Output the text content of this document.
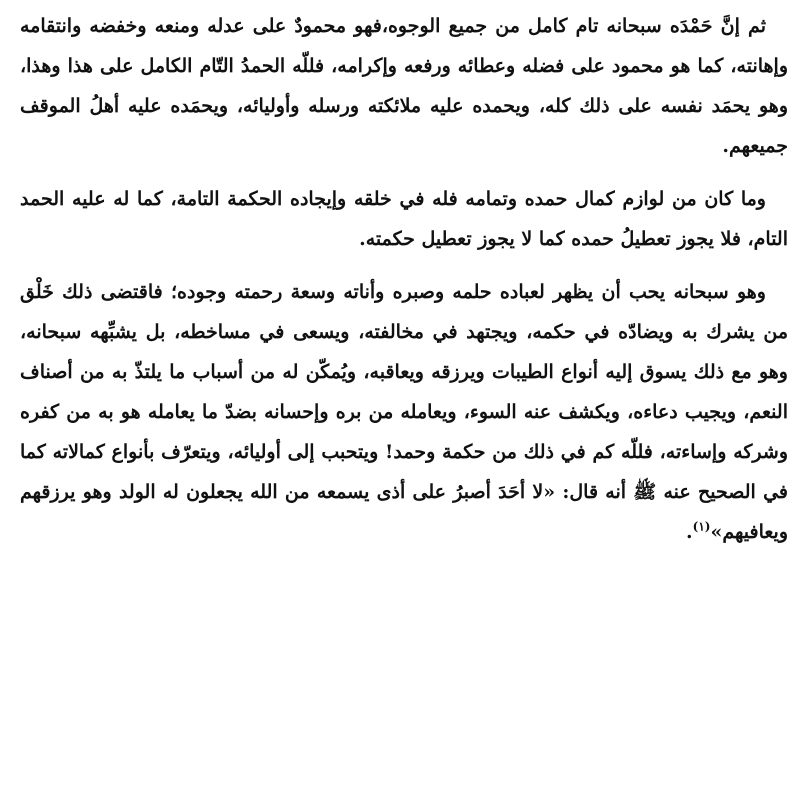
ثم إنَّ حَمْدَه سبحانه تام كامل من جميع الوجوه،فهو محمودٌ على عدله ومنعه وخفضه وانتقامه وإهانته، كما هو محمود على فضله وعطائه ورفعه وإكرامه، فللّه الحمدُ التّام الكامل على هذا وهذا، وهو يحمَد نفسه على ذلك كله، ويحمده عليه ملائكته ورسله وأوليائه، ويحمَده عليه أهلُ الموقف جميعهم.

وما كان من لوازم كمال حمده وتمامه فله في خلقه وإيجاده الحكمة التامة، كما له عليه الحمد التام، فلا يجوز تعطيلُ حمده كما لا يجوز تعطيل حكمته.

وهو سبحانه يحب أن يظهر لعباده حلمه وصبره وأناته وسعة رحمته وجوده؛ فاقتضى ذلك خَلْق من يشرك به ويضادّه في حكمه، ويجتهد في مخالفته، ويسعى في مساخطه، بل يشبِّهه سبحانه، وهو مع ذلك يسوق إليه أنواع الطيبات ويرزقه ويعاقبه، ويُمكّن له من أسباب ما يلتذّ به من أصناف النعم، ويجيب دعاءه، ويكشف عنه السوء، ويعامله من بره وإحسانه بضدّ ما يعامله هو به من كفره وشركه وإساءته، فللّه كم في ذلك من حكمة وحمد! ويتحبب إلى أوليائه، ويتعرّف بأنواع كمالاته كما في الصحيح عنه ﷺ أنه قال: «لا أحَدَ أصبرُ على أذى يسمعه من الله يجعلون له الولد وهو يرزقهم ويعافيهم»$^{(١)}$.
